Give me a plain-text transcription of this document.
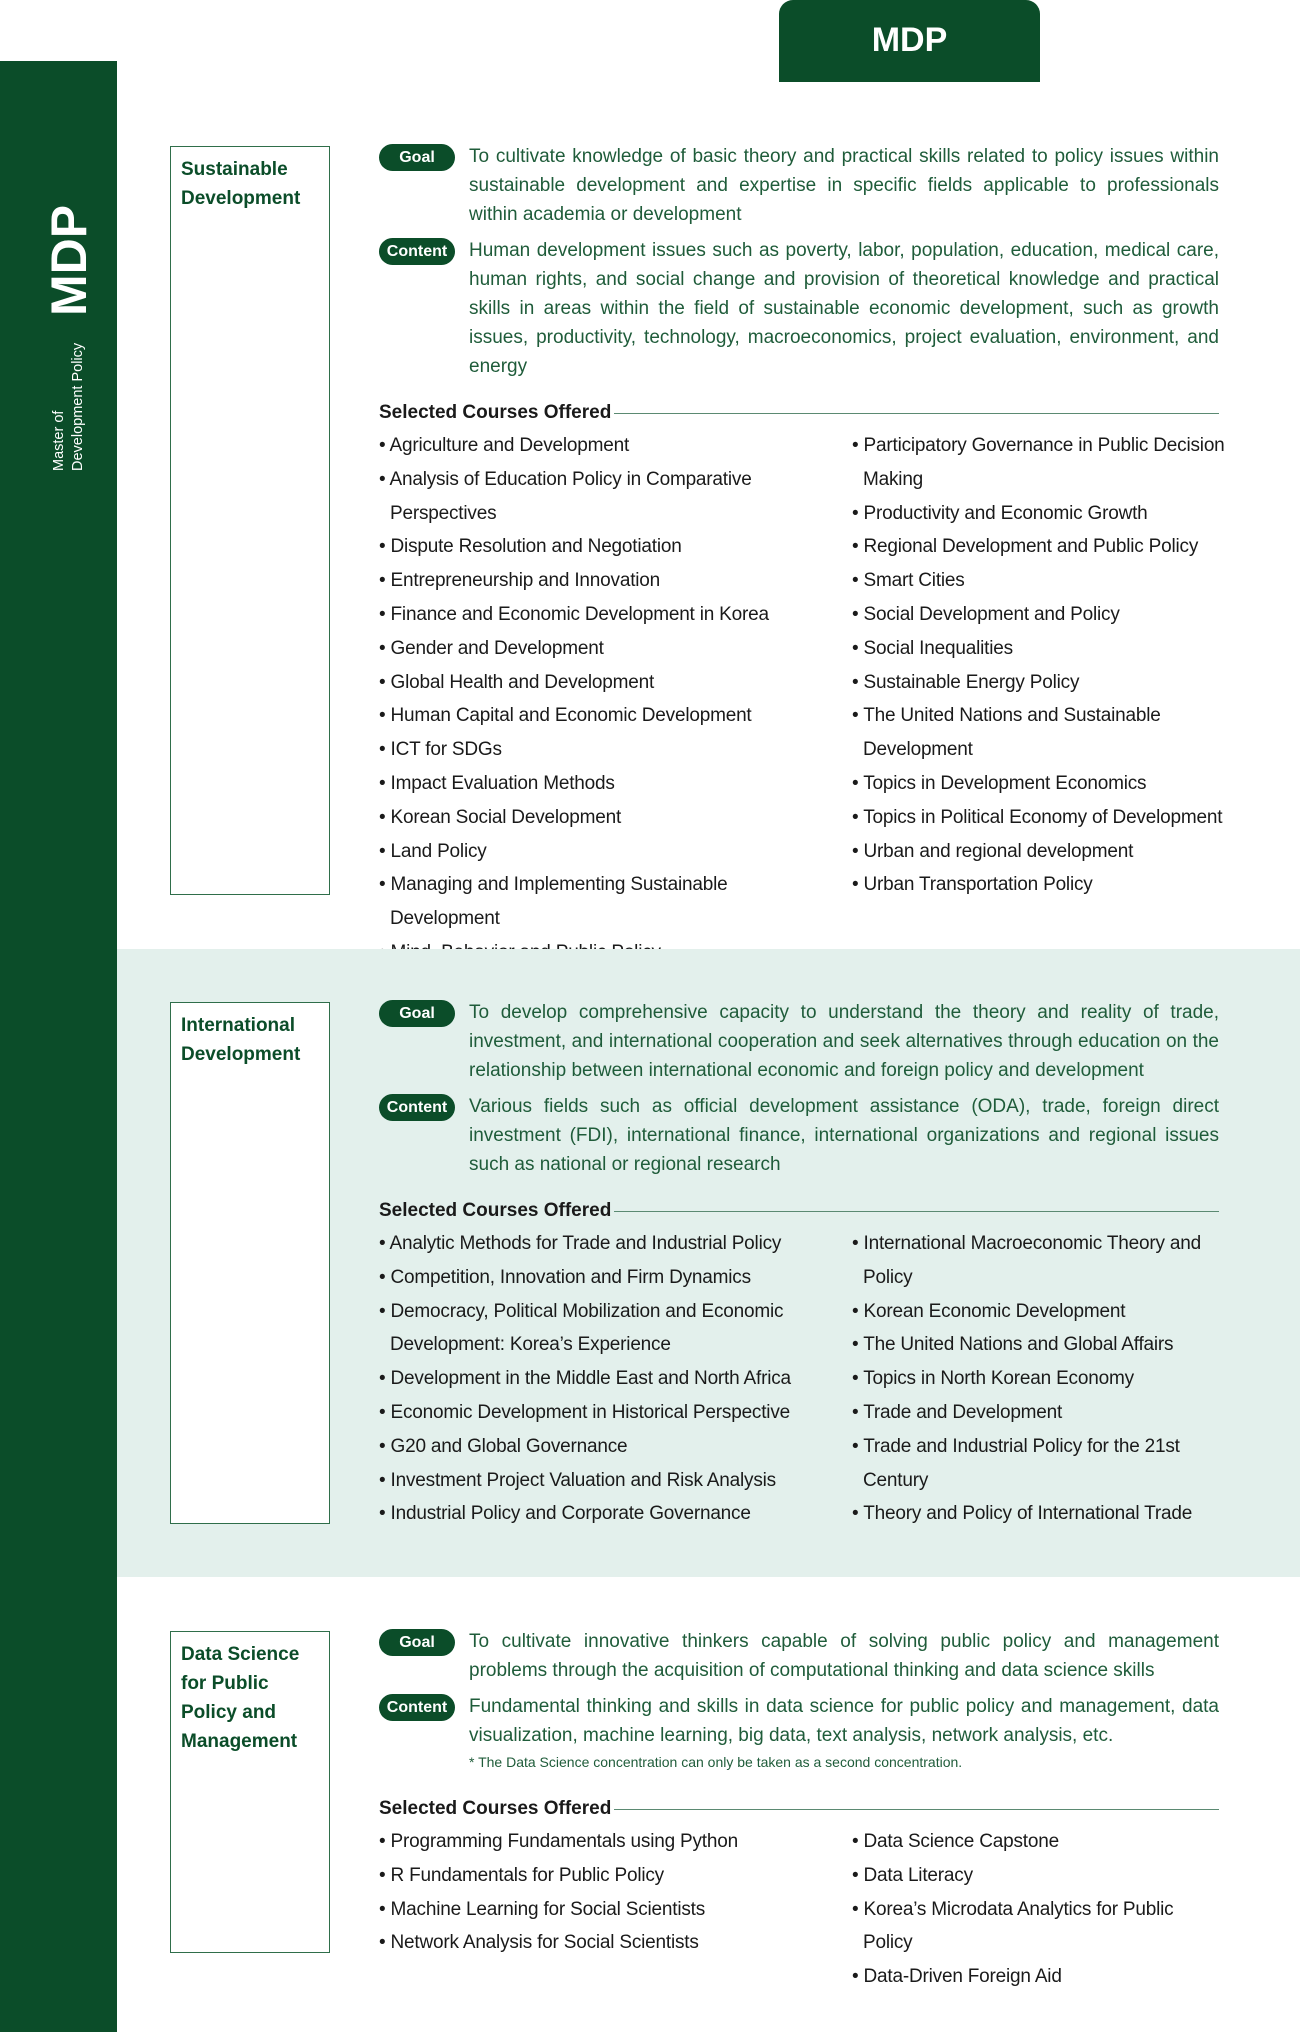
MDP
MDP
Master of Development Policy
Sustainable
Development
Goal	To cultivate knowledge of basic theory and practical skills related to policy issues within sustainable development and expertise in specific fields applicable to professionals within academia or development
Content	Human development issues such as poverty, labor, population, education, medical care, human rights, and social change and provision of theoretical knowledge and practical skills in areas within the field of sustainable economic development, such as growth issues, productivity, technology, macroeconomics, project evaluation, environment, and energy
Selected Courses Offered
• Agriculture and Development
• Analysis of Education Policy in Comparative Perspectives
• Dispute Resolution and Negotiation
• Entrepreneurship and Innovation
• Finance and Economic Development in Korea
• Gender and Development
• Global Health and Development
• Human Capital and Economic Development
• ICT for SDGs
• Impact Evaluation Methods
• Korean Social Development
• Land Policy
• Managing and Implementing Sustainable Development
•
• Participatory Governance in Public Decision Making
• Productivity and Economic Growth
• Regional Development and Public Policy
• Smart Cities
• Social Development and Policy
• Social Inequalities
• Sustainable Energy Policy
• The United Nations and Sustainable Development
• Topics in Development Economics
• Topics in Political Economy of Development
• Urban and regional development
• Urban Transportation Policy
International
Development
Goal	To develop comprehensive capacity to understand the theory and reality of trade, investment, and international cooperation and seek alternatives through education on the relationship between international economic and foreign policy and development
Content	Various fields such as official development assistance (ODA), trade, foreign direct investment (FDI), international finance, international organizations and regional issues such as national or regional research
Selected Courses Offered
• Analytic Methods for Trade and Industrial Policy
• Competition, Innovation and Firm Dynamics
• Democracy, Political Mobilization and Economic Development: Korea’s Experience
• Development in the Middle East and North Africa
• Economic Development in Historical Perspective
• G20 and Global Governance
• Investment Project Valuation and Risk Analysis
• Industrial Policy and Corporate Governance
• International Macroeconomic Theory and Policy
• Korean Economic Development
• The United Nations and Global Affairs
• Topics in North Korean Economy
• Trade and Development
• Trade and Industrial Policy for the 21st Century
• Theory and Policy of International Trade
Data Science
for Public
Policy and
Management
Goal	To cultivate innovative thinkers capable of solving public policy and management problems through the acquisition of computational thinking and data science skills
Content	Fundamental thinking and skills in data science for public policy and management, data visualization, machine learning, big data, text analysis, network analysis, etc.
* The Data Science concentration can only be taken as a second concentration.
Selected Courses Offered
• Programming Fundamentals using Python
• R Fundamentals for Public Policy
• Machine Learning for Social Scientists
• Network Analysis for Social Scientists
• Data Science Capstone
• Data Literacy
• Korea’s Microdata Analytics for Public Policy
• Data-Driven Foreign Aid
